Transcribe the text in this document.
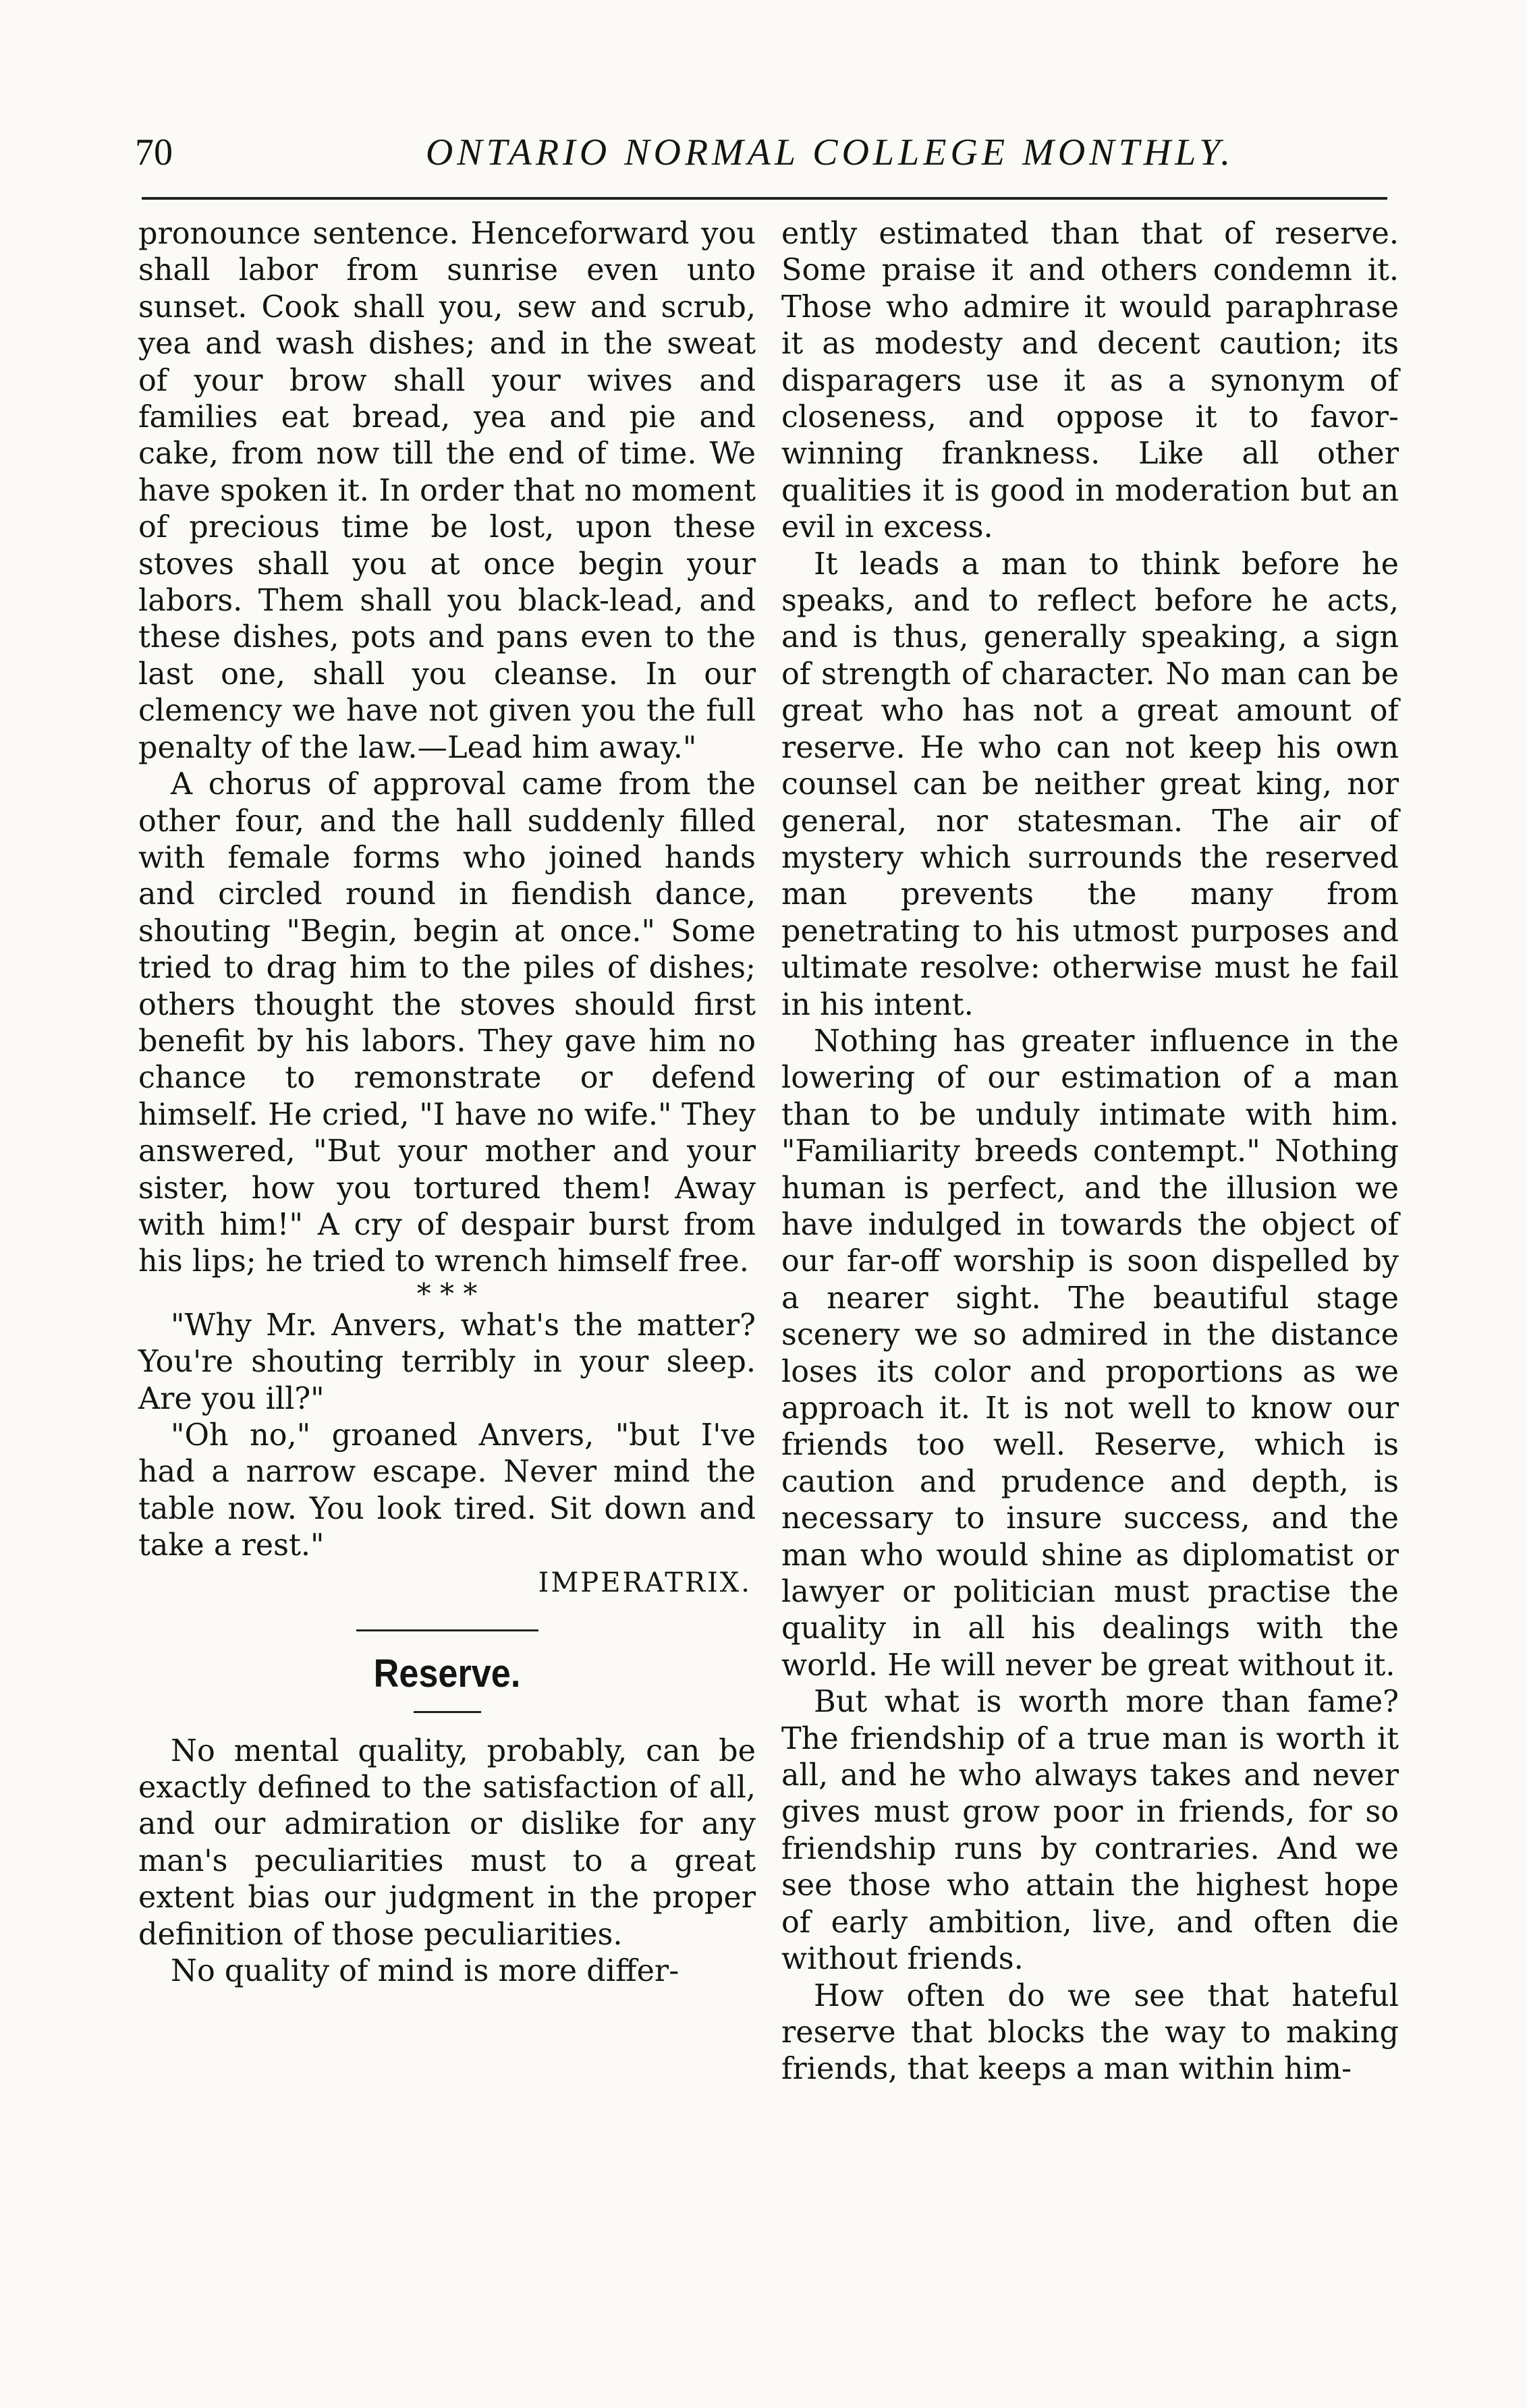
70	ONTARIO NORMAL COLLEGE MONTHLY.

pronounce sentence. Henceforward you shall labor from sunrise even unto sunset. Cook shall you, sew and scrub, yea and wash dishes; and in the sweat of your brow shall your wives and families eat bread, yea and pie and cake, from now till the end of time. We have spoken it. In order that no moment of precious time be lost, upon these stoves shall you at once begin your labors. Them shall you black-lead, and these dishes, pots and pans even to the last one, shall you cleanse. In our clemency we have not given you the full penalty of the law.—Lead him away."

A chorus of approval came from the other four, and the hall suddenly filled with female forms who joined hands and circled round in fiendish dance, shouting "Begin, begin at once." Some tried to drag him to the piles of dishes; others thought the stoves should first benefit by his labors. They gave him no chance to remonstrate or defend himself. He cried, "I have no wife." They answered, "But your mother and your sister, how you tortured them! Away with him!" A cry of despair burst from his lips; he tried to wrench himself free.

* * *

"Why Mr. Anvers, what's the matter? You're shouting terribly in your sleep. Are you ill?"

"Oh no," groaned Anvers, "but I've had a narrow escape. Never mind the table now. You look tired. Sit down and take a rest."

IMPERATRIX.

Reserve.

No mental quality, probably, can be exactly defined to the satisfaction of all, and our admiration or dislike for any man's peculiarities must to a great extent bias our judgment in the proper definition of those peculiarities.

No quality of mind is more differ-

ently estimated than that of reserve. Some praise it and others condemn it. Those who admire it would paraphrase it as modesty and decent caution; its disparagers use it as a synonym of closeness, and oppose it to favor-winning frankness. Like all other qualities it is good in moderation but an evil in excess.

It leads a man to think before he speaks, and to reflect before he acts, and is thus, generally speaking, a sign of strength of character. No man can be great who has not a great amount of reserve. He who can not keep his own counsel can be neither great king, nor general, nor statesman. The air of mystery which surrounds the reserved man prevents the many from penetrating to his utmost purposes and ultimate resolve: otherwise must he fail in his intent.

Nothing has greater influence in the lowering of our estimation of a man than to be unduly intimate with him. "Familiarity breeds contempt." Nothing human is perfect, and the illusion we have indulged in towards the object of our far-off worship is soon dispelled by a nearer sight. The beautiful stage scenery we so admired in the distance loses its color and proportions as we approach it. It is not well to know our friends too well. Reserve, which is caution and prudence and depth, is necessary to insure success, and the man who would shine as diplomatist or lawyer or politician must practise the quality in all his dealings with the world. He will never be great without it.

But what is worth more than fame? The friendship of a true man is worth it all, and he who always takes and never gives must grow poor in friends, for so friendship runs by contraries. And we see those who attain the highest hope of early ambition, live, and often die without friends.

How often do we see that hateful reserve that blocks the way to making friends, that keeps a man within him-
